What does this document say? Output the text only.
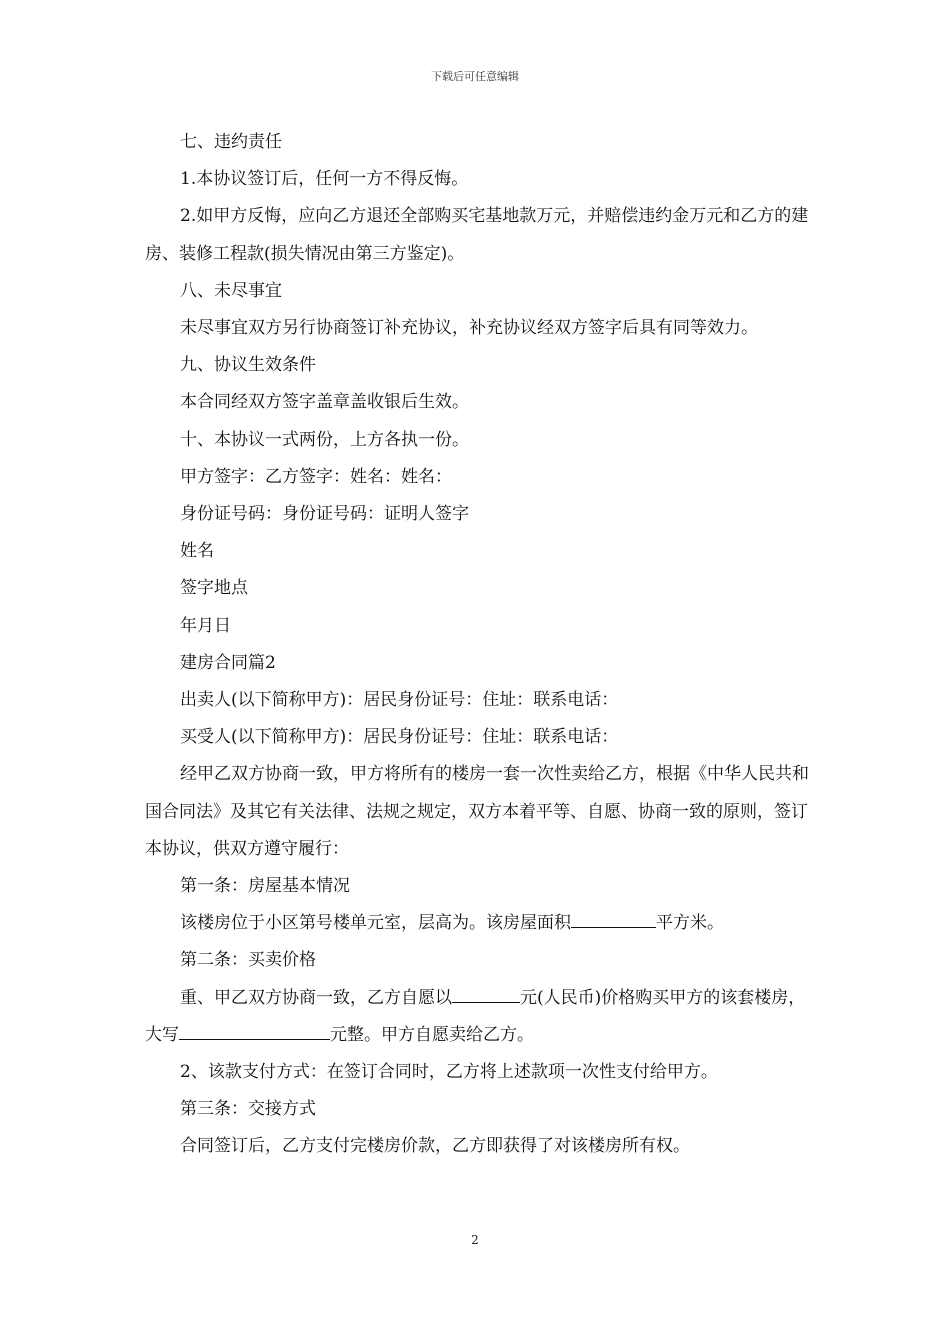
下载后可任意编辑

七、违约责任

1.本协议签订后，任何一方不得反悔。

2.如甲方反悔，应向乙方退还全部购买宅基地款万元，并赔偿违约金万元和乙方的建房、装修工程款(损失情况由第三方鉴定)。

八、未尽事宜

未尽事宜双方另行协商签订补充协议，补充协议经双方签字后具有同等效力。

九、协议生效条件

本合同经双方签字盖章盖收银后生效。

十、本协议一式两份，上方各执一份。

甲方签字：乙方签字：姓名：姓名：

身份证号码：身份证号码：证明人签字

姓名

签字地点

年月日

建房合同篇2

出卖人(以下简称甲方)：居民身份证号：住址：联系电话：

买受人(以下简称甲方)：居民身份证号：住址：联系电话：

经甲乙双方协商一致，甲方将所有的楼房一套一次性卖给乙方，根据《中华人民共和国合同法》及其它有关法律、法规之规定，双方本着平等、自愿、协商一致的原则，签订本协议，供双方遵守履行：

第一条：房屋基本情况

该楼房位于小区第号楼单元室，层高为。该房屋面积	平方米。

第二条：买卖价格

重、甲乙双方协商一致，乙方自愿以	元(人民币)价格购买甲方的该套楼房，大写	元整。甲方自愿卖给乙方。

2、该款支付方式：在签订合同时，乙方将上述款项一次性支付给甲方。

第三条：交接方式

合同签订后，乙方支付完楼房价款，乙方即获得了对该楼房所有权。

2
